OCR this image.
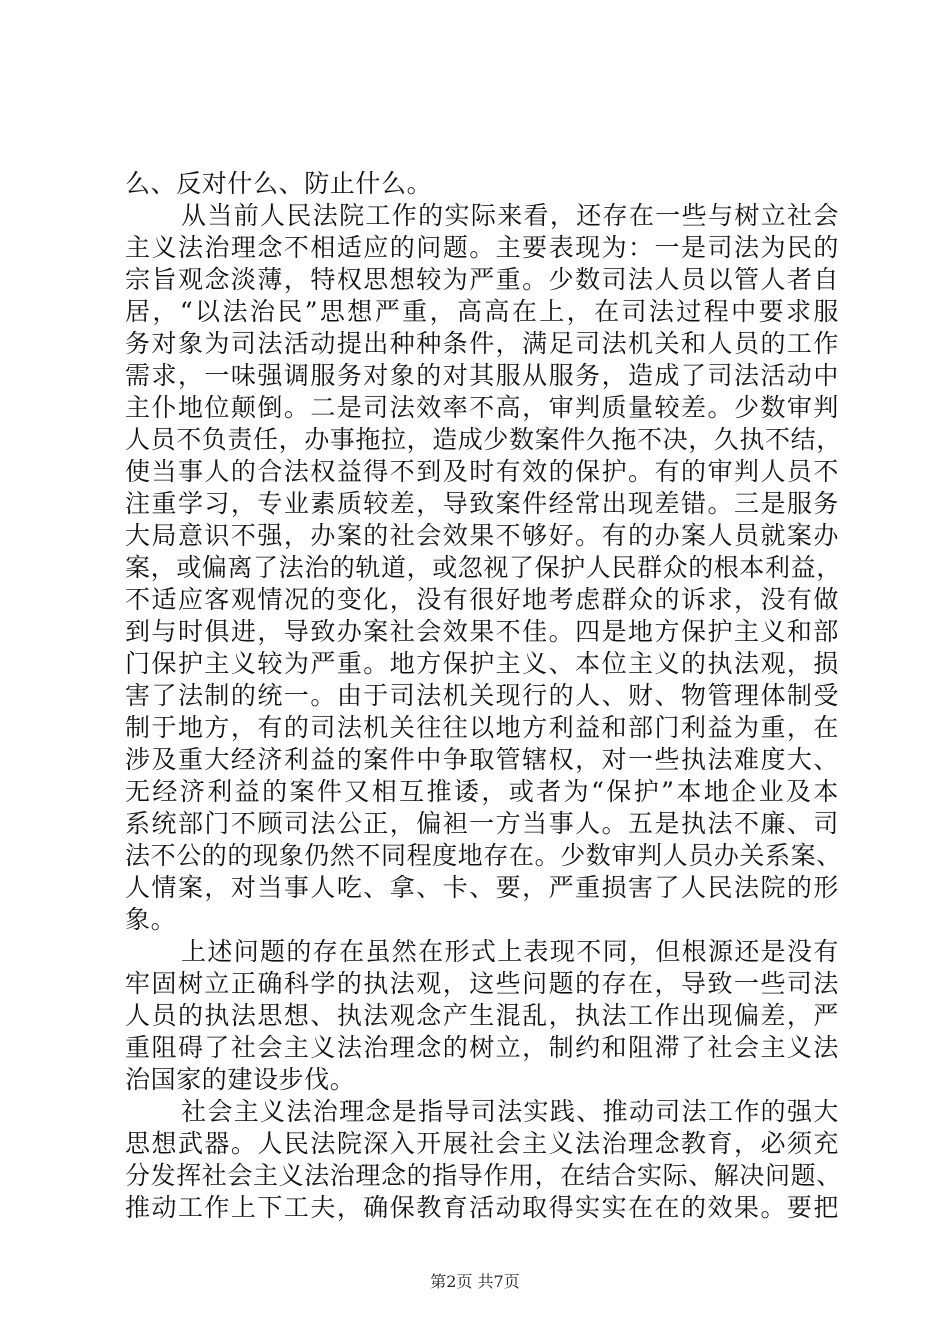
么、反对什么、防止什么。
从当前人民法院工作的实际来看，还存在一些与树立社会
主义法治理念不相适应的问题。主要表现为：一是司法为民的
宗旨观念淡薄，特权思想较为严重。少数司法人员以管人者自
居，“以法治民”思想严重，高高在上，在司法过程中要求服
务对象为司法活动提出种种条件，满足司法机关和人员的工作
需求，一味强调服务对象的对其服从服务，造成了司法活动中
主仆地位颠倒。二是司法效率不高，审判质量较差。少数审判
人员不负责任，办事拖拉，造成少数案件久拖不决，久执不结，
使当事人的合法权益得不到及时有效的保护。有的审判人员不
注重学习，专业素质较差，导致案件经常出现差错。三是服务
大局意识不强，办案的社会效果不够好。有的办案人员就案办
案，或偏离了法治的轨道，或忽视了保护人民群众的根本利益，
不适应客观情况的变化，没有很好地考虑群众的诉求，没有做
到与时俱进，导致办案社会效果不佳。四是地方保护主义和部
门保护主义较为严重。地方保护主义、本位主义的执法观，损
害了法制的统一。由于司法机关现行的人、财、物管理体制受
制于地方，有的司法机关往往以地方利益和部门利益为重，在
涉及重大经济利益的案件中争取管辖权，对一些执法难度大、
无经济利益的案件又相互推诿，或者为“保护”本地企业及本
系统部门不顾司法公正，偏袒一方当事人。五是执法不廉、司
法不公的的现象仍然不同程度地存在。少数审判人员办关系案、
人情案，对当事人吃、拿、卡、要，严重损害了人民法院的形
象。
上述问题的存在虽然在形式上表现不同，但根源还是没有
牢固树立正确科学的执法观，这些问题的存在，导致一些司法
人员的执法思想、执法观念产生混乱，执法工作出现偏差，严
重阻碍了社会主义法治理念的树立，制约和阻滞了社会主义法
治国家的建设步伐。
社会主义法治理念是指导司法实践、推动司法工作的强大
思想武器。人民法院深入开展社会主义法治理念教育，必须充
分发挥社会主义法治理念的指导作用，在结合实际、解决问题、
推动工作上下工夫，确保教育活动取得实实在在的效果。要把
第2页 共7页
